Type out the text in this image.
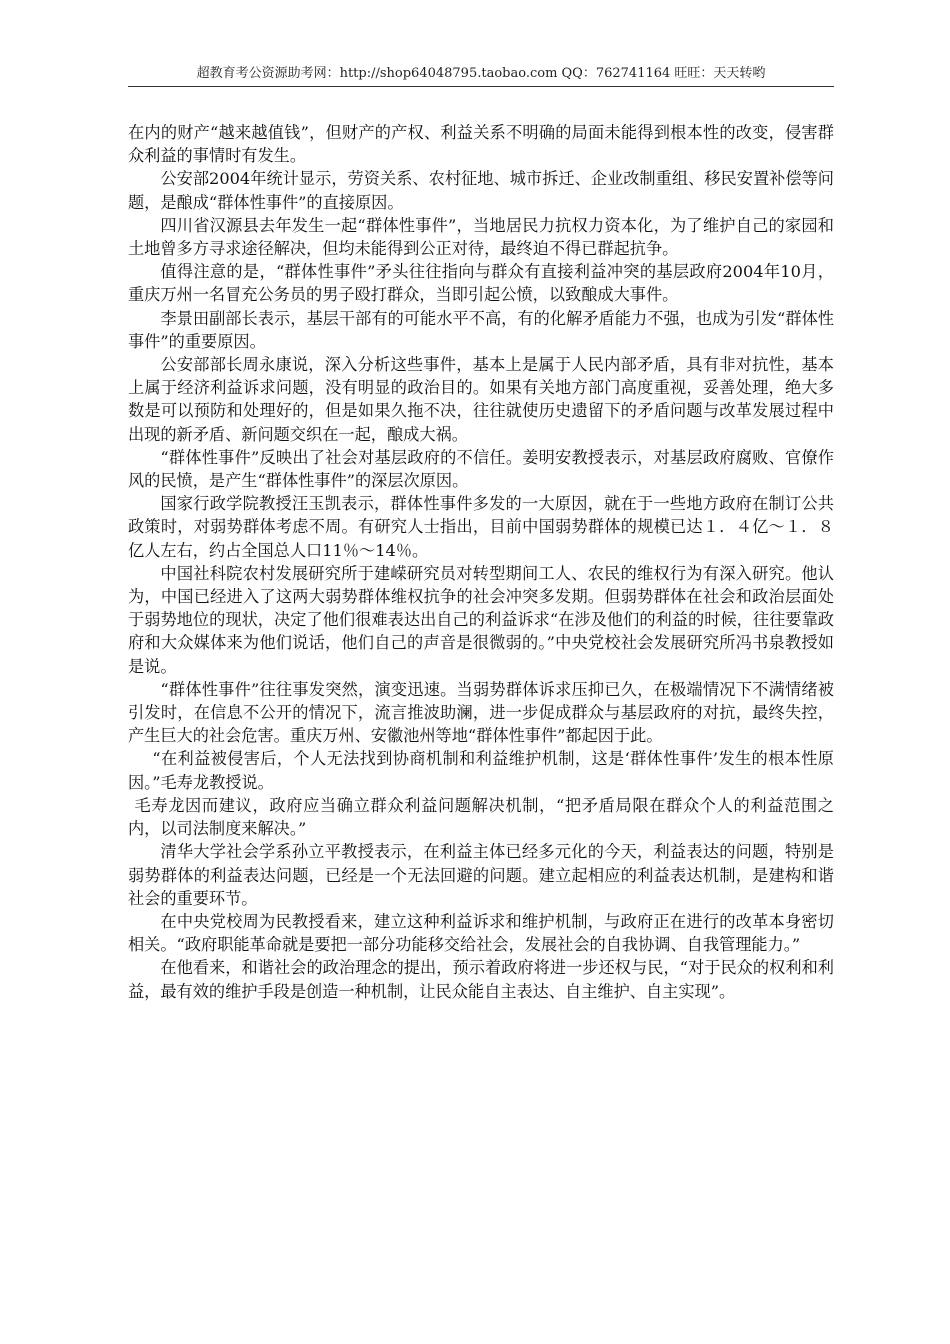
超教育考公资源助考网：http://shop64048795.taobao.com QQ：762741164 旺旺：天天转哟

在内的财产“越来越值钱”，但财产的产权、利益关系不明确的局面未能得到根本性的改变，侵害群众利益的事情时有发生。

公安部2004年统计显示，劳资关系、农村征地、城市拆迁、企业改制重组、移民安置补偿等问题，是酿成“群体性事件”的直接原因。

四川省汉源县去年发生一起“群体性事件”，当地居民力抗权力资本化，为了维护自己的家园和土地曾多方寻求途径解决，但均未能得到公正对待，最终迫不得已群起抗争。

值得注意的是，“群体性事件”矛头往往指向与群众有直接利益冲突的基层政府2004年10月，重庆万州一名冒充公务员的男子殴打群众，当即引起公愤，以致酿成大事件。

李景田副部长表示，基层干部有的可能水平不高，有的化解矛盾能力不强，也成为引发“群体性事件”的重要原因。

公安部部长周永康说，深入分析这些事件，基本上是属于人民内部矛盾，具有非对抗性，基本上属于经济利益诉求问题，没有明显的政治目的。如果有关地方部门高度重视，妥善处理，绝大多数是可以预防和处理好的，但是如果久拖不决，往往就使历史遗留下的矛盾问题与改革发展过程中出现的新矛盾、新问题交织在一起，酿成大祸。

“群体性事件”反映出了社会对基层政府的不信任。姜明安教授表示，对基层政府腐败、官僚作风的民愤，是产生“群体性事件”的深层次原因。

国家行政学院教授汪玉凯表示，群体性事件多发的一大原因，就在于一些地方政府在制订公共政策时，对弱势群体考虑不周。有研究人士指出，目前中国弱势群体的规模已达１．４亿～１．８亿人左右，约占全国总人口11％～14％。

中国社科院农村发展研究所于建嵘研究员对转型期间工人、农民的维权行为有深入研究。他认为，中国已经进入了这两大弱势群体维权抗争的社会冲突多发期。但弱势群体在社会和政治层面处于弱势地位的现状，决定了他们很难表达出自己的利益诉求“在涉及他们的利益的时候，往往要靠政府和大众媒体来为他们说话，他们自己的声音是很微弱的。”中央党校社会发展研究所冯书泉教授如是说。

“群体性事件”往往事发突然，演变迅速。当弱势群体诉求压抑已久，在极端情况下不满情绪被引发时，在信息不公开的情况下，流言推波助澜，进一步促成群众与基层政府的对抗，最终失控，产生巨大的社会危害。重庆万州、安徽池州等地“群体性事件”都起因于此。

“在利益被侵害后，个人无法找到协商机制和利益维护机制，这是‘群体性事件’发生的根本性原因。”毛寿龙教授说。

毛寿龙因而建议，政府应当确立群众利益问题解决机制，“把矛盾局限在群众个人的利益范围之内，以司法制度来解决。”

清华大学社会学系孙立平教授表示，在利益主体已经多元化的今天，利益表达的问题，特别是弱势群体的利益表达问题，已经是一个无法回避的问题。建立起相应的利益表达机制，是建构和谐社会的重要环节。

在中央党校周为民教授看来，建立这种利益诉求和维护机制，与政府正在进行的改革本身密切相关。“政府职能革命就是要把一部分功能移交给社会，发展社会的自我协调、自我管理能力。”

在他看来，和谐社会的政治理念的提出，预示着政府将进一步还权与民，“对于民众的权利和利益，最有效的维护手段是创造一种机制，让民众能自主表达、自主维护、自主实现”。
